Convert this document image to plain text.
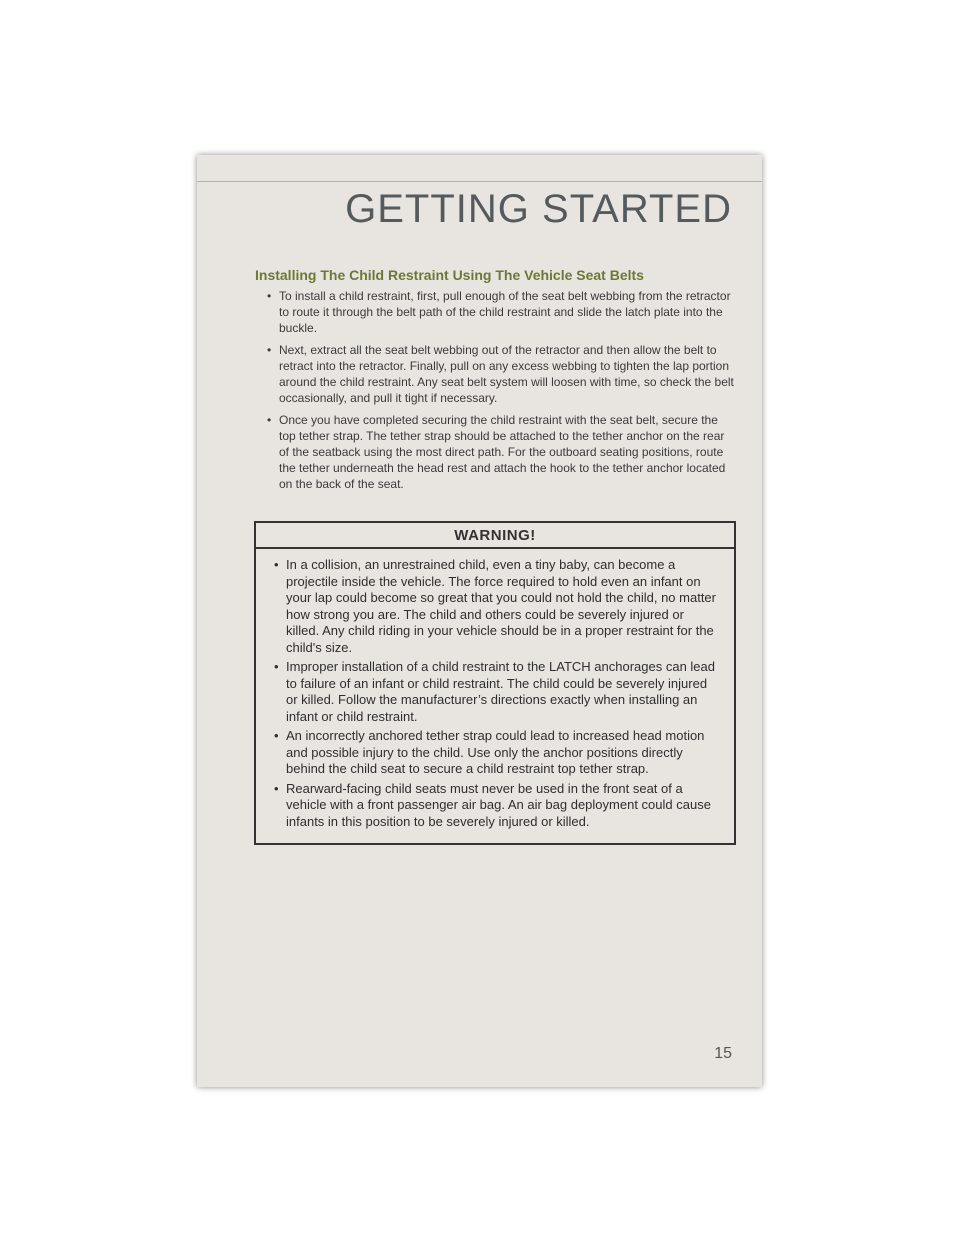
GETTING STARTED
Installing The Child Restraint Using The Vehicle Seat Belts
• To install a child restraint, first, pull enough of the seat belt webbing from the retractor to route it through the belt path of the child restraint and slide the latch plate into the buckle.
• Next, extract all the seat belt webbing out of the retractor and then allow the belt to retract into the retractor. Finally, pull on any excess webbing to tighten the lap portion around the child restraint. Any seat belt system will loosen with time, so check the belt occasionally, and pull it tight if necessary.
• Once you have completed securing the child restraint with the seat belt, secure the top tether strap. The tether strap should be attached to the tether anchor on the rear of the seatback using the most direct path. For the outboard seating positions, route the tether underneath the head rest and attach the hook to the tether anchor located on the back of the seat.
WARNING!
• In a collision, an unrestrained child, even a tiny baby, can become a projectile inside the vehicle. The force required to hold even an infant on your lap could become so great that you could not hold the child, no matter how strong you are. The child and others could be severely injured or killed. Any child riding in your vehicle should be in a proper restraint for the child's size.
• Improper installation of a child restraint to the LATCH anchorages can lead to failure of an infant or child restraint. The child could be severely injured or killed. Follow the manufacturer’s directions exactly when installing an infant or child restraint.
• An incorrectly anchored tether strap could lead to increased head motion and possible injury to the child. Use only the anchor positions directly behind the child seat to secure a child restraint top tether strap.
• Rearward-facing child seats must never be used in the front seat of a vehicle with a front passenger air bag. An air bag deployment could cause infants in this position to be severely injured or killed.
15
